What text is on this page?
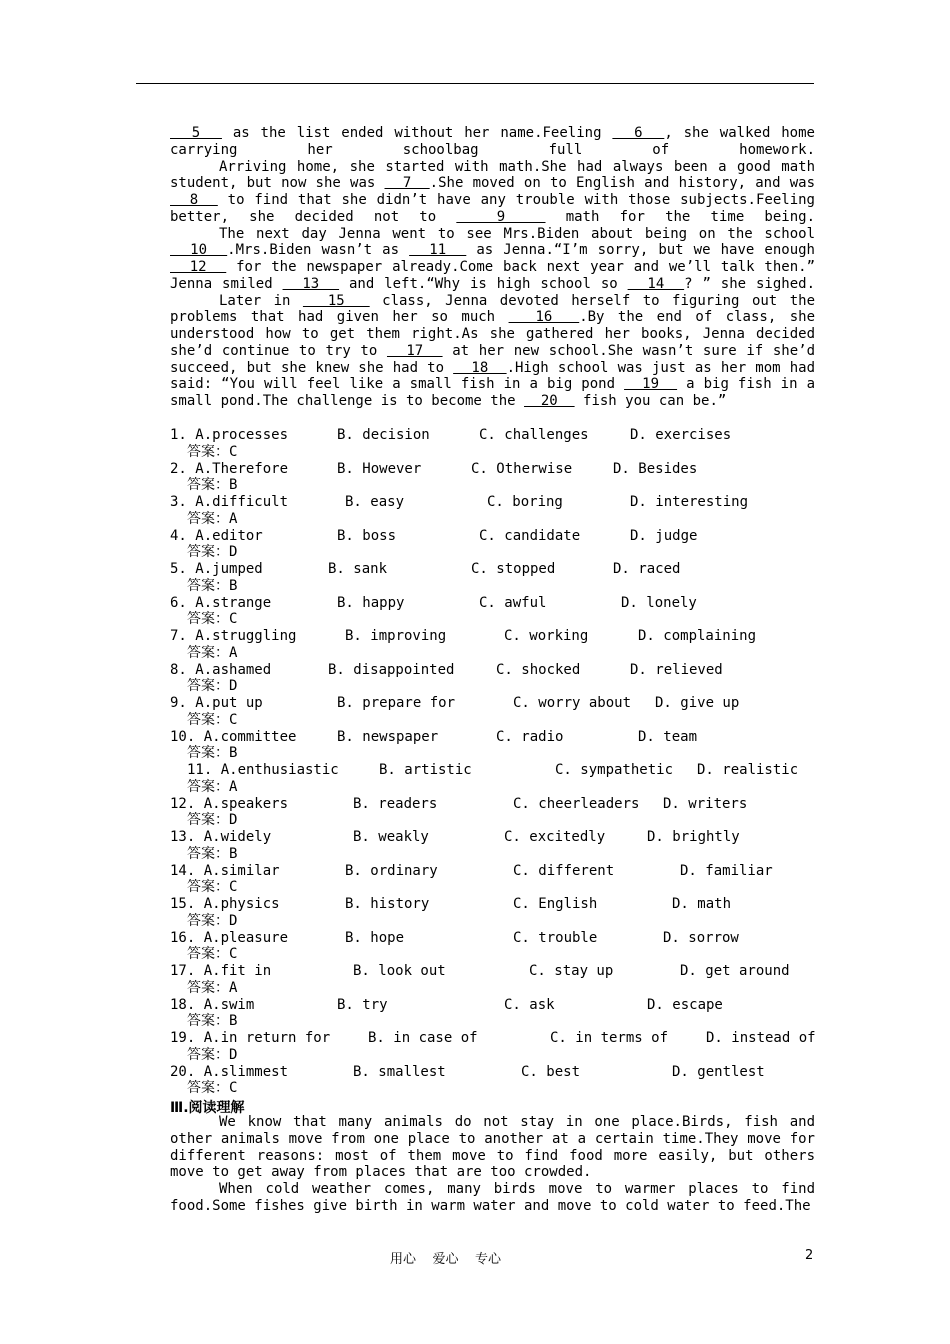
5   as the list ended without her name.Feeling   6  , she walked home carrying her schoolbag full of homework.

Arriving home, she started with math.She had always been a good math student, but now she was   7  .She moved on to English and history, and was   8   to find that she didn’t have any trouble with those subjects.Feeling better, she decided not to   9   math for the time being.

The next day Jenna went to see Mrs.Biden about being on the school   10  .Mrs.Biden wasn’t as   11   as Jenna.“I’m sorry, but we have enough   12   for the newspaper already.Come back next year and we’ll talk then.” Jenna smiled   13   and left.“Why is high school so   14  ? ” she sighed.

Later in   15   class, Jenna devoted herself to figuring out the problems that had given her so much   16  .By the end of class, she understood how to get them right.As she gathered her books, Jenna decided she’d continue to try to   17   at her new school.She wasn’t sure if she’d succeed, but she knew she had to   18  .High school was just as her mom had said: “You will feel like a small fish in a big pond   19   a big fish in a small pond.The challenge is to become the   20   fish you can be.”

1. A.processes	B. decision	C. challenges	D. exercises
答案：C
2. A.Therefore	B. However	C. Otherwise	D. Besides
答案：B
3. A.difficult	B. easy	C. boring	D. interesting
答案：A
4. A.editor	B. boss	C. candidate	D. judge
答案：D
5. A.jumped	B. sank	C. stopped	D. raced
答案：B
6. A.strange	B. happy	C. awful	D. lonely
答案：C
7. A.struggling	B. improving	C. working	D. complaining
答案：A
8. A.ashamed	B. disappointed	C. shocked	D. relieved
答案：D
9. A.put up	B. prepare for	C. worry about D. give up
答案：C
10. A.committee	B. newspaper	C. radio	D. team
答案：B
11. A.enthusiastic	B. artistic	C. sympathetic D. realistic
答案：A
12. A.speakers	B. readers	C. cheerleaders D. writers
答案：D
13. A.widely	B. weakly	C. excitedly	D. brightly
答案：B
14. A.similar	B. ordinary	C. different	D. familiar
答案：C
15. A.physics	B. history	C. English	D. math
答案：D
16. A.pleasure	B. hope	C. trouble	D. sorrow
答案：C
17. A.fit in	B. look out	C. stay up	D. get around
答案：A
18. A.swim	B. try	C. ask	D. escape
答案：B
19. A.in return for	B. in case of	C. in terms of	D. instead of
答案：D
20. A.slimmest	B. smallest	C. best	D. gentlest
答案：C
Ⅲ.阅读理解

We know that many animals do not stay in one place.Birds, fish and other animals move from one place to another at a certain time.They move for different reasons: most of them move to find food more easily, but others move to get away from places that are too crowded.

When cold weather comes, many birds move to warmer places to find food.Some fishes give birth in warm water and move to cold water to feed.The

用心    爱心    专心	2
